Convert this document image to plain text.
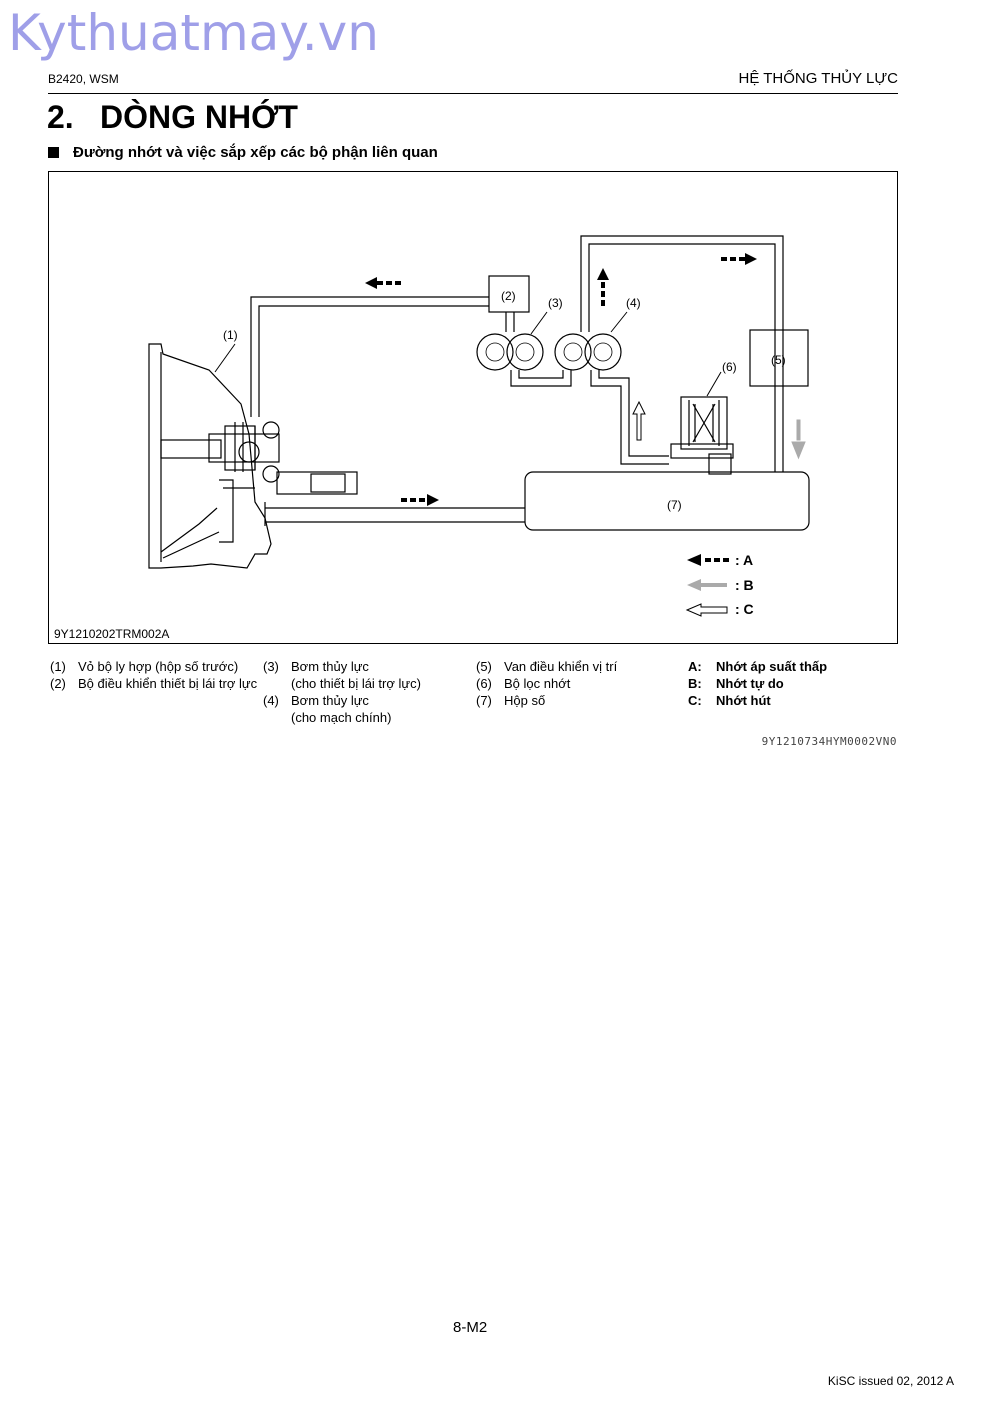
Kythuatmay.vn
B2420, WSM	HỆ THỐNG THỦY LỰC
2. DÒNG NHỚT
Đường nhớt và việc sắp xếp các bộ phận liên quan
(1)
(2)	(3)	(4)
(5)
(6)
(7)
: A
: B
: C
9Y1210202TRM002A
(1) Vỏ bộ ly hợp (hộp số trước)
(2) Bộ điều khiển thiết bị lái trợ lực
(3) Bơm thủy lực
(cho thiết bị lái trợ lực)
(4) Bơm thủy lực
(cho mạch chính)
(5) Van điều khiển vị trí
(6) Bộ lọc nhớt
(7) Hộp số
A: Nhớt áp suất thấp
B: Nhớt tự do
C: Nhớt hút
9Y1210734HYM0002VN0
8-M2
KiSC issued 02, 2012 A
